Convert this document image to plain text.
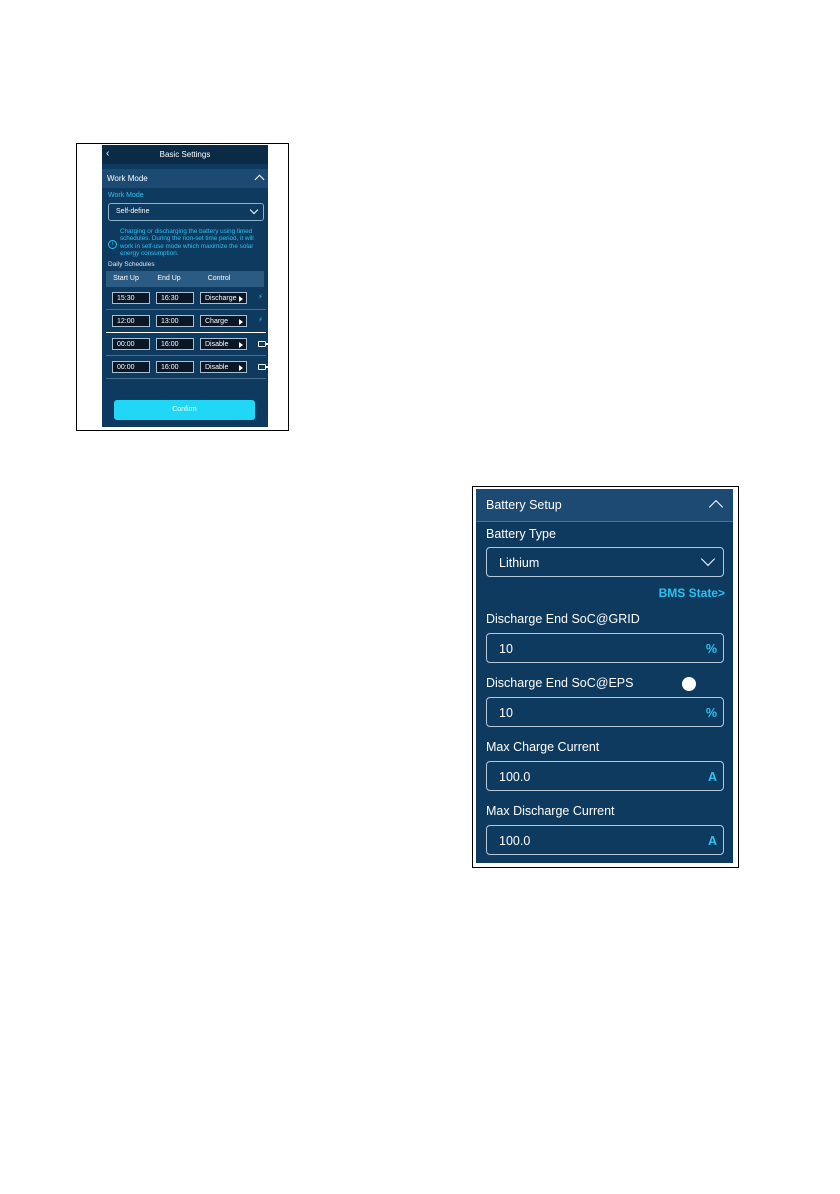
‹	Basic Settings
Work Mode
Work Mode
Self-define
i
Charging or discharging the battery using timed schedules. During the non-set time period, it will work in self-use mode which maximize the solar energy consumption.
Daily Schedules
Start Up	End Up	Control
15:30	16:30	Discharge	⚡
12:00	13:00	Charge	⚡
00:00	16:00	Disable
00:00	16:00	Disable
Confirm
Battery Setup
Battery Type
Lithium
BMS State>
Discharge End SoC@GRID
10	%
Discharge End SoC@EPS
10	%
Max Charge Current
100.0	A
Max Discharge Current
100.0	A
